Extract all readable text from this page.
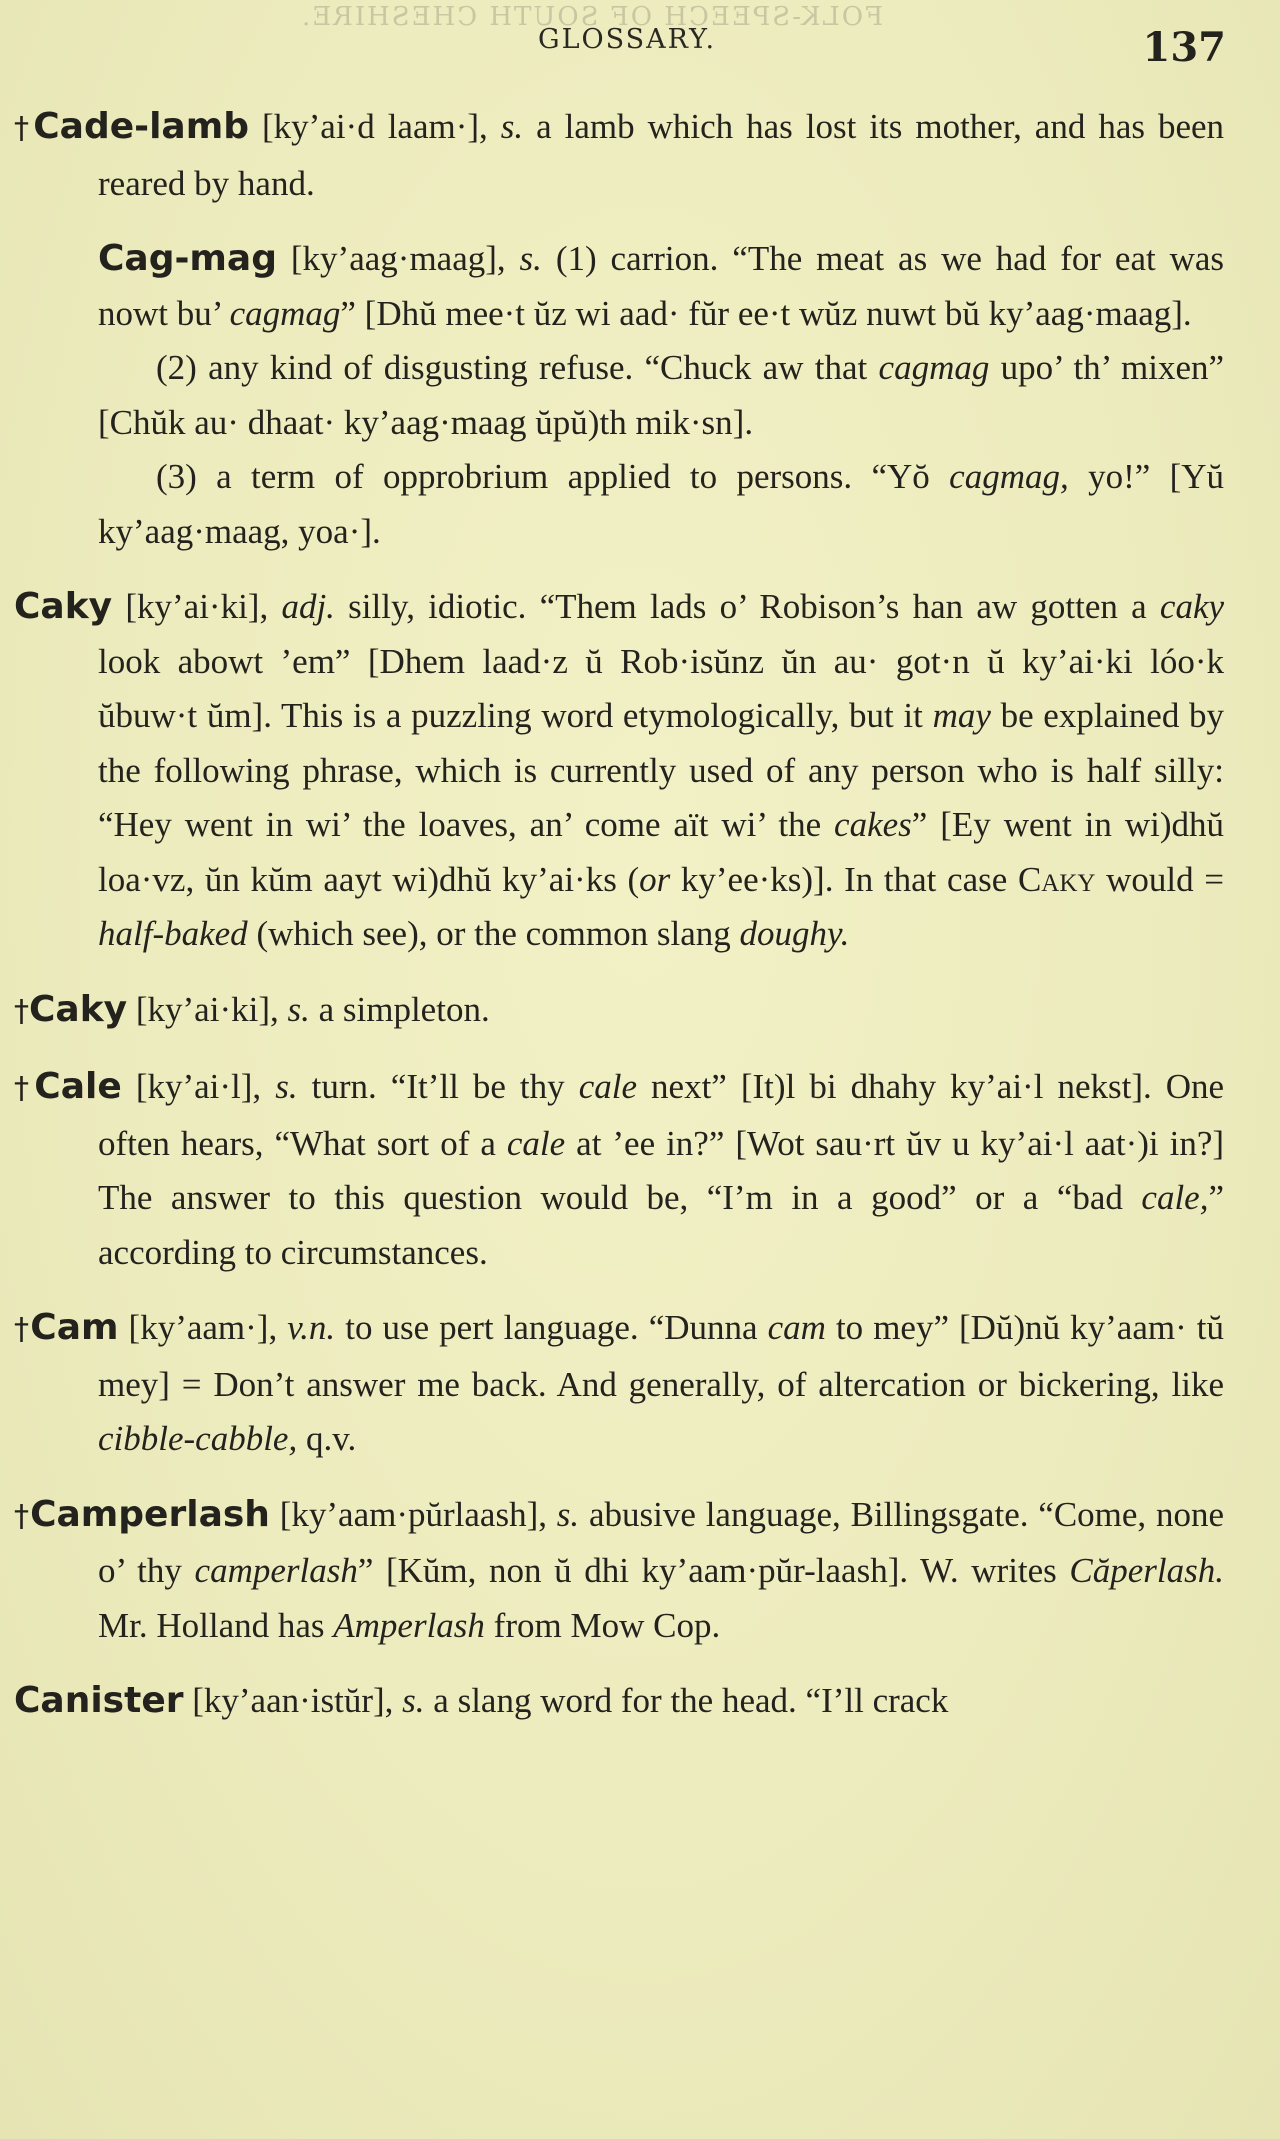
FOLK-SPEECH OF SOUTH CHESHIRE.
GLOSSARY.	137
†Cade-lamb [ky’ai·d laam·], s. a lamb which has lost its mother, and has been reared by hand.

Cag-mag [ky’aag·maag], s. (1) carrion. “The meat as we had for eat was nowt bu’ cagmag” [Dhŭ mee·t ŭz wi aad· fŭr ee·t wŭz nuwt bŭ ky’aag·maag].

(2) any kind of disgusting refuse. “Chuck aw that cagmag upo’ th’ mixen” [Chŭk au· dhaat· ky’aag·maag ŭpŭ)th mik·sn].

(3) a term of opprobrium applied to persons. “Yŏ cagmag, yo!” [Yŭ ky’aag·maag, yoa·].

Caky [ky’ai·ki], adj. silly, idiotic. “Them lads o’ Robison’s han aw gotten a caky look abowt ’em” [Dhem laad·z ŭ Rob·isŭnz ŭn au· got·n ŭ ky’ai·ki lóo·k ŭbuw·t ŭm]. This is a puzzling word etymologically, but it may be explained by the following phrase, which is currently used of any person who is half silly: “Hey went in wi’ the loaves, an’ come aït wi’ the cakes” [Ey went in wi)dhŭ loa·vz, ŭn kŭm aayt wi)dhŭ ky’ai·ks (or ky’ee·ks)]. In that case Caky would = half-baked (which see), or the common slang doughy.
†Caky [ky’ai·ki], s. a simpleton.
†Cale [ky’ai·l], s. turn. “It’ll be thy cale next” [It)l bi dhahy ky’ai·l nekst]. One often hears, “What sort of a cale at ’ee in?” [Wot sau·rt ŭv u ky’ai·l aat·)i in?] The answer to this question would be, “I’m in a good” or a “bad cale,” according to circumstances.
†Cam [ky’aam·], v.n. to use pert language. “Dunna cam to mey” [Dŭ)nŭ ky’aam· tŭ mey] = Don’t answer me back. And generally, of altercation or bickering, like cibble-cabble, q.v.
†Camperlash [ky’aam·pŭrlaash], s. abusive language, Billingsgate. “Come, none o’ thy camperlash” [Kŭm, non ŭ dhi ky’aam·pŭr-laash]. W. writes Căperlash. Mr. Holland has Amperlash from Mow Cop.
Canister [ky’aan·istŭr], s. a slang word for the head. “I’ll crack
